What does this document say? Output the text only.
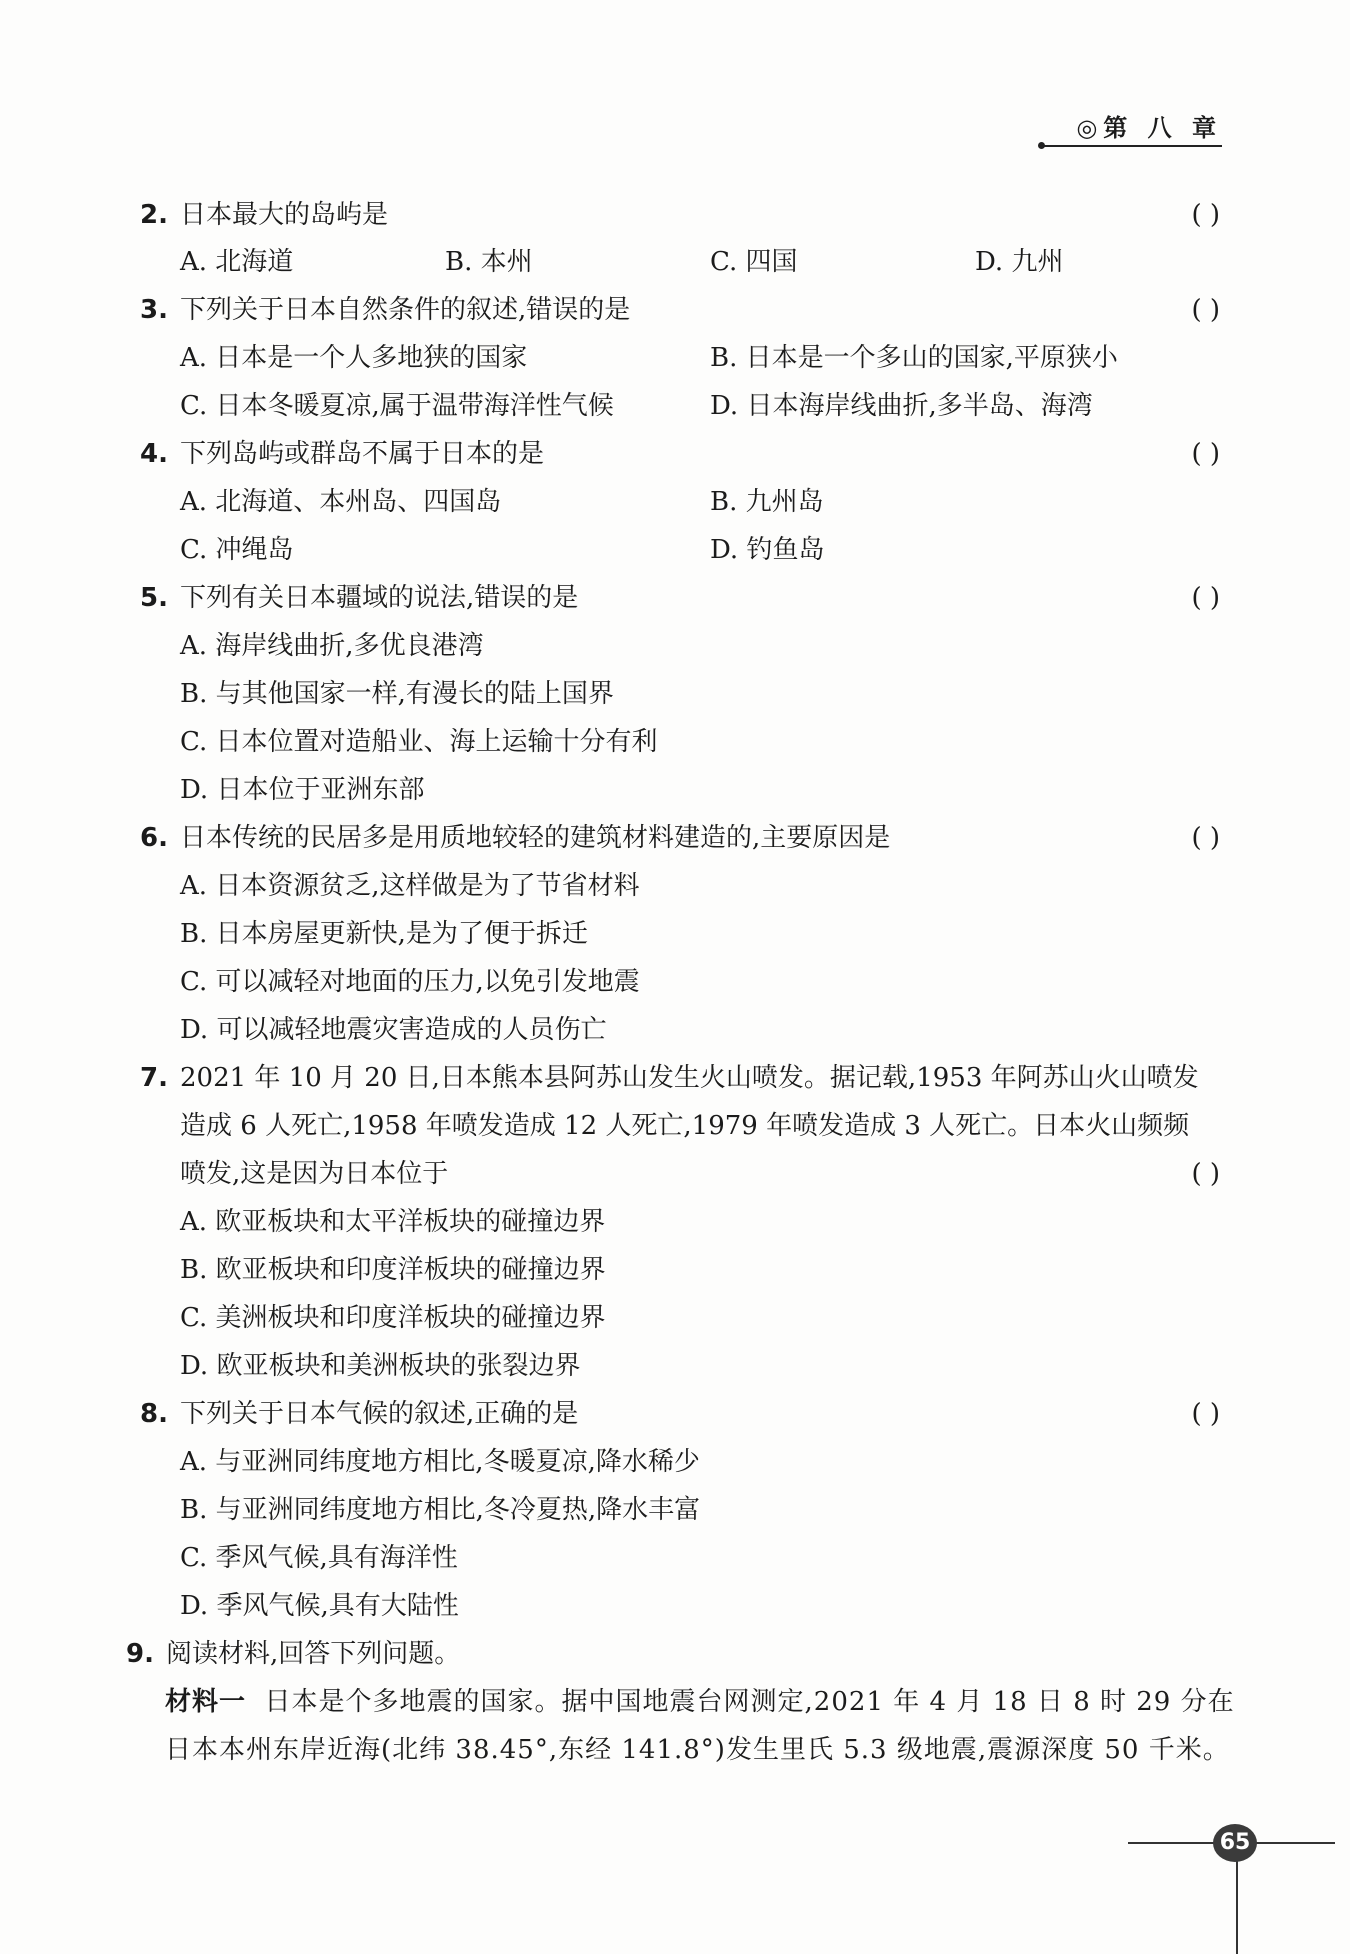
◎第 八 章
2. 日本最大的岛屿是	( )
A. 北海道	B. 本州	C. 四国	D. 九州
3. 下列关于日本自然条件的叙述,错误的是	( )
A. 日本是一个人多地狭的国家	B. 日本是一个多山的国家,平原狭小
C. 日本冬暖夏凉,属于温带海洋性气候	D. 日本海岸线曲折,多半岛、海湾
4. 下列岛屿或群岛不属于日本的是	( )
A. 北海道、本州岛、四国岛	B. 九州岛
C. 冲绳岛	D. 钓鱼岛
5. 下列有关日本疆域的说法,错误的是	( )
A. 海岸线曲折,多优良港湾
B. 与其他国家一样,有漫长的陆上国界
C. 日本位置对造船业、海上运输十分有利
D. 日本位于亚洲东部
6. 日本传统的民居多是用质地较轻的建筑材料建造的,主要原因是	( )
A. 日本资源贫乏,这样做是为了节省材料
B. 日本房屋更新快,是为了便于拆迁
C. 可以减轻对地面的压力,以免引发地震
D. 可以减轻地震灾害造成的人员伤亡
7. 2021 年 10 月 20 日,日本熊本县阿苏山发生火山喷发。据记载,1953 年阿苏山火山喷发
造成 6 人死亡,1958 年喷发造成 12 人死亡,1979 年喷发造成 3 人死亡。日本火山频频
喷发,这是因为日本位于	( )
A. 欧亚板块和太平洋板块的碰撞边界
B. 欧亚板块和印度洋板块的碰撞边界
C. 美洲板块和印度洋板块的碰撞边界
D. 欧亚板块和美洲板块的张裂边界
8. 下列关于日本气候的叙述,正确的是	( )
A. 与亚洲同纬度地方相比,冬暖夏凉,降水稀少
B. 与亚洲同纬度地方相比,冬冷夏热,降水丰富
C. 季风气候,具有海洋性
D. 季风气候,具有大陆性
9. 阅读材料,回答下列问题。
材料一 日本是个多地震的国家。据中国地震台网测定,2021 年 4 月 18 日 8 时 29 分在
日本本州东岸近海(北纬 38.45°,东经 141.8°)发生里氏 5.3 级地震,震源深度 50 千米。
65
